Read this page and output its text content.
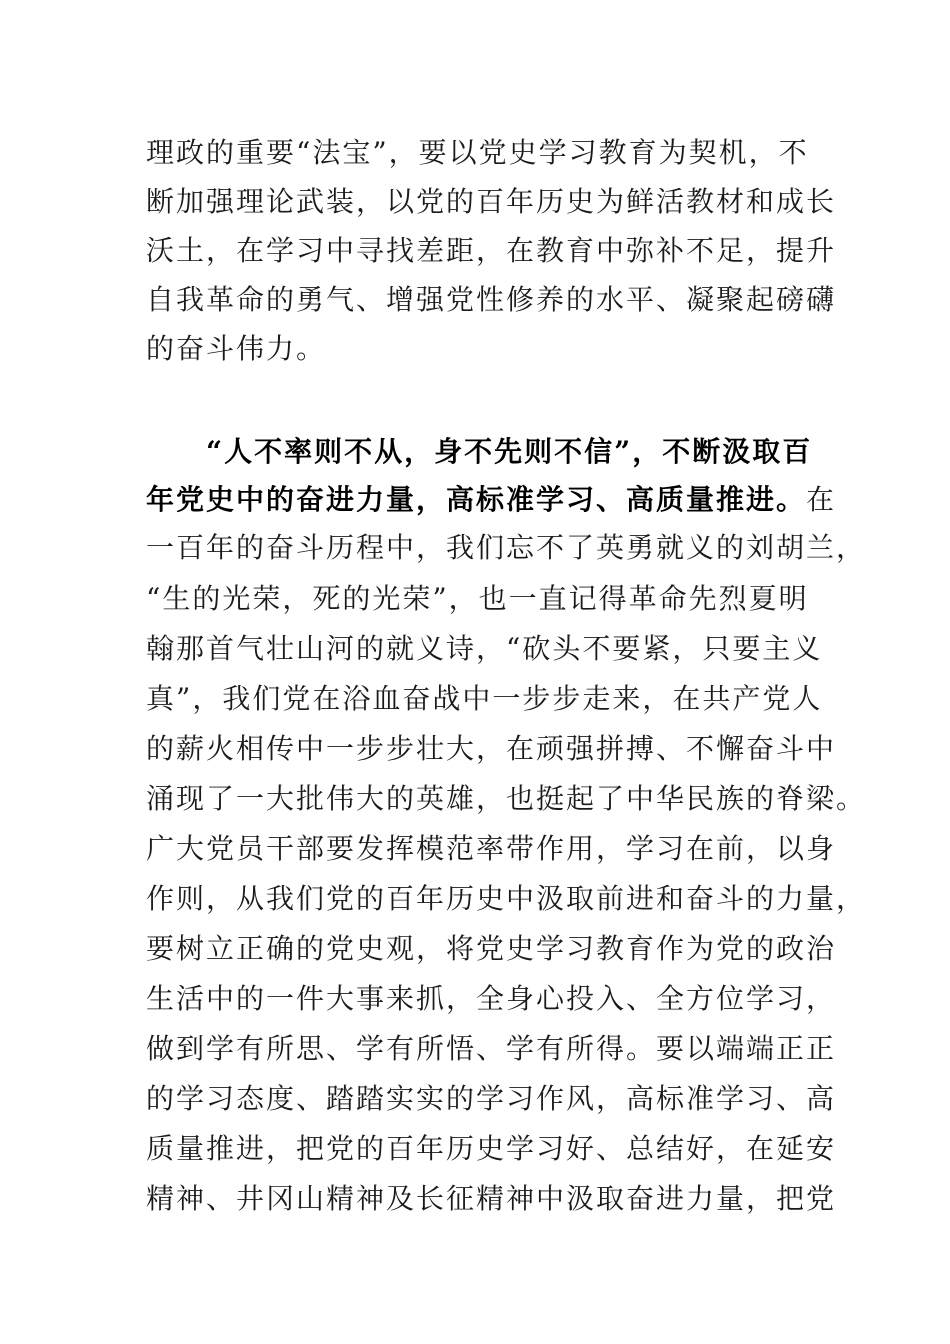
理政的重要“法宝”，要以党史学习教育为契机，不
断加强理论武装，以党的百年历史为鲜活教材和成长
沃土，在学习中寻找差距，在教育中弥补不足，提升
自我革命的勇气、增强党性修养的水平、凝聚起磅礴
的奋斗伟力。
“人不率则不从，身不先则不信”，不断汲取百
年党史中的奋进力量，高标准学习、高质量推进。在
一百年的奋斗历程中，我们忘不了英勇就义的刘胡兰，
“生的光荣，死的光荣”，也一直记得革命先烈夏明
翰那首气壮山河的就义诗，“砍头不要紧，只要主义
真”，我们党在浴血奋战中一步步走来，在共产党人
的薪火相传中一步步壮大，在顽强拼搏、不懈奋斗中
涌现了一大批伟大的英雄，也挺起了中华民族的脊梁。
广大党员干部要发挥模范率带作用，学习在前，以身
作则，从我们党的百年历史中汲取前进和奋斗的力量，
要树立正确的党史观，将党史学习教育作为党的政治
生活中的一件大事来抓，全身心投入、全方位学习，
做到学有所思、学有所悟、学有所得。要以端端正正
的学习态度、踏踏实实的学习作风，高标准学习、高
质量推进，把党的百年历史学习好、总结好，在延安
精神、井冈山精神及长征精神中汲取奋进力量，把党
